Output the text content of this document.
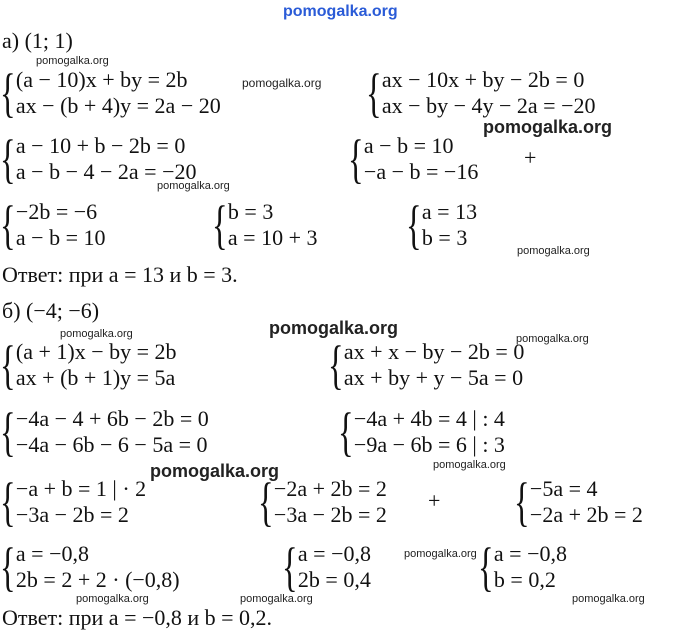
pomogalka.org
pomogalka.org
pomogalka.org
pomogalka.org
pomogalka.org
pomogalka.org
pomogalka.org	pomogalka.org
pomogalka.org
pomogalka.org	pomogalka.org
pomogalka.org
pomogalka.org	pomogalka.org	pomogalka.org
а) (1; 1)
{ (a − 10)x + by = 2b
ax − (b + 4)y = 2a − 20	{ ax − 10x + by − 2b = 0
ax − by − 4y − 2a = −20
{ a − 10 + b − 2b = 0
a − b − 4 − 2a = −20	{ a − b = 10
−a − b = −16
+
{ −2b = −6
a − b = 10 { b = 3
a = 10 + 3 { a = 13
b = 3
Ответ: при a = 13 и b = 3.
б) (−4; −6)
{ (a + 1)x − by = 2b
ax + (b + 1)y = 5a	{ ax + x − by − 2b = 0
ax + by + y − 5a = 0
{ −4a − 4 + 6b − 2b = 0
−4a − 6b − 6 − 5a = 0 { −4a + 4b = 4 | : 4
−9a − 6b = 6 | : 3
{ −a + b = 1 | · 2
−3a − 2b = 2	{ −2a + 2b = 2
−3a − 2b = 2
+ { −5a = 4
−2a + 2b = 2
{ a = −0,8
2b = 2 + 2 · (−0,8) { a = −0,8
2b = 0,4 { a = −0,8
b = 0,2
Ответ: при a = −0,8 и b = 0,2.
